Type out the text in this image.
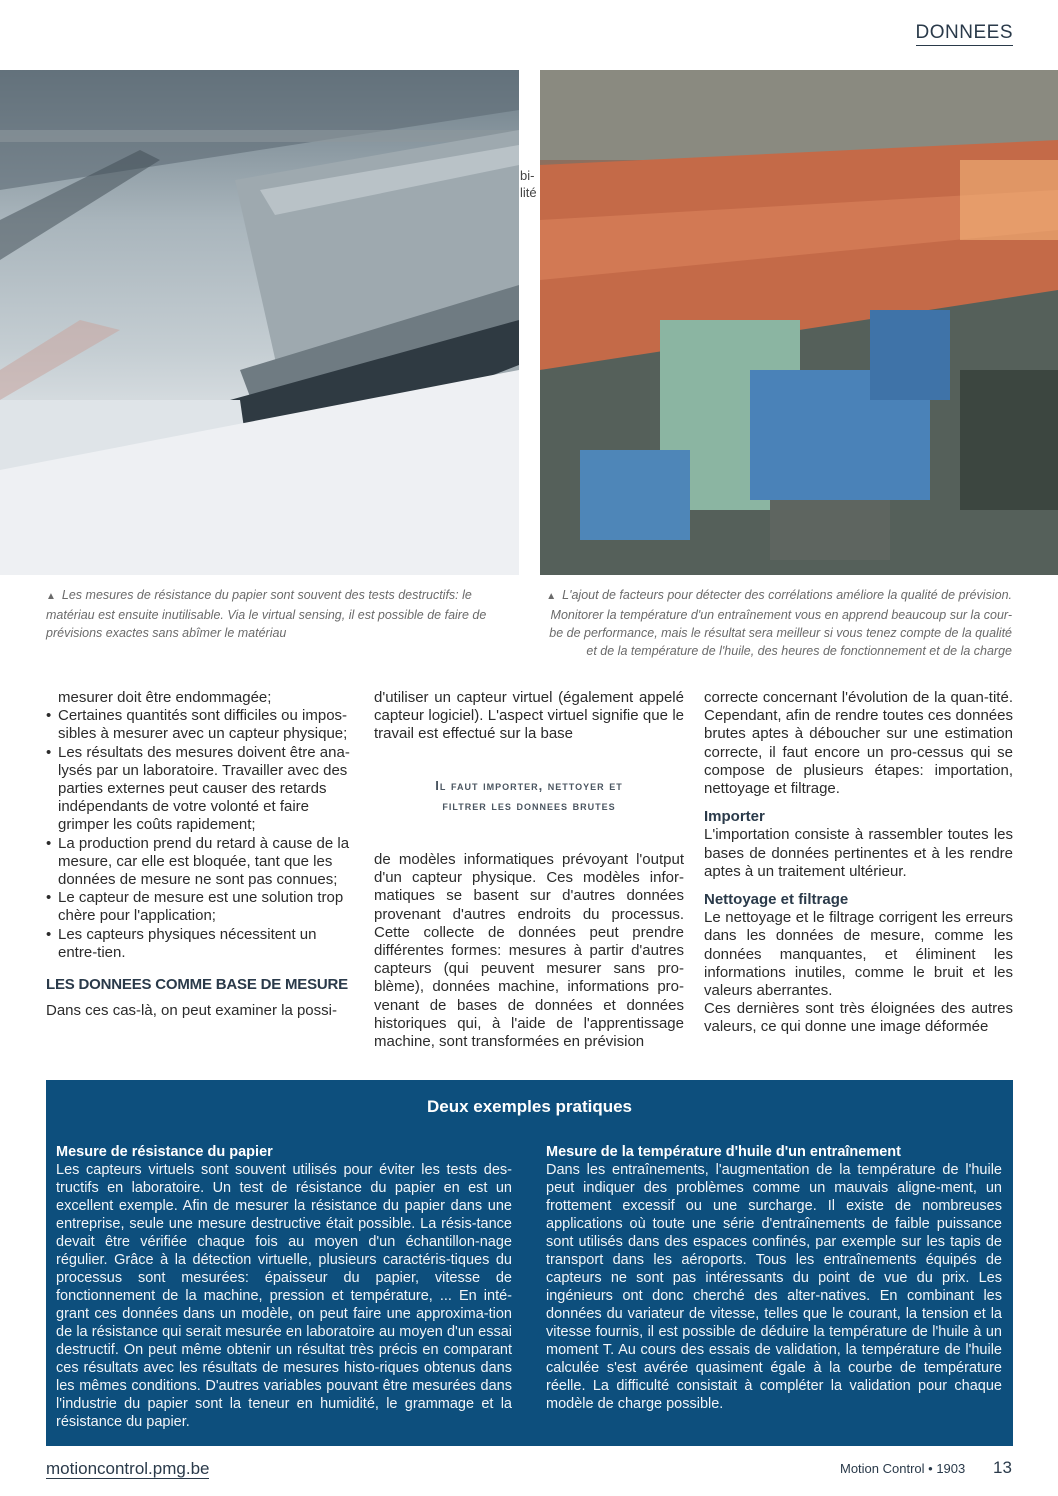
DONNEES
bi-
lité
▲ Les mesures de résistance du papier sont souvent des tests destructifs: le matériau est ensuite inutilisable. Via le virtual sensing, il est possible de faire de prévisions exactes sans abîmer le matériau
▲ L'ajout de facteurs pour détecter des corrélations améliore la qualité de prévision.
Monitorer la température d'un entraînement vous en apprend beaucoup sur la cour-
be de performance, mais le résultat sera meilleur si vous tenez compte de la qualité
et de la température de l'huile, des heures de fonctionnement et de la charge
mesurer doit être endommagée;
• Certaines quantités sont difficiles ou impos-sibles à mesurer avec un capteur physique;
• Les résultats des mesures doivent être ana-lysés par un laboratoire. Travailler avec des parties externes peut causer des retards indépendants de votre volonté et faire grimper les coûts rapidement;
• La production prend du retard à cause de la mesure, car elle est bloquée, tant que les données de mesure ne sont pas connues;
• Le capteur de mesure est une solution trop chère pour l'application;
• Les capteurs physiques nécessitent un entre-tien.
LES DONNEES COMME BASE DE MESURE
Dans ces cas-là, on peut examiner la possi-
d'utiliser un capteur virtuel (également appelé capteur logiciel). L'aspect virtuel signifie que le travail est effectué sur la base
Il faut importer, nettoyer et
filtrer les donnees brutes
de modèles informatiques prévoyant l'output d'un capteur physique. Ces modèles infor-matiques se basent sur d'autres données provenant d'autres endroits du processus. Cette collecte de données peut prendre différentes formes: mesures à partir d'autres capteurs (qui peuvent mesurer sans pro-blème), données machine, informations pro-venant de bases de données et données historiques qui, à l'aide de l'apprentissage machine, sont transformées en prévision
correcte concernant l'évolution de la quan-tité. Cependant, afin de rendre toutes ces données brutes aptes à déboucher sur une estimation correcte, il faut encore un pro-cessus qui se compose de plusieurs étapes: importation, nettoyage et filtrage.
Importer
L'importation consiste à rassembler toutes les bases de données pertinentes et à les rendre aptes à un traitement ultérieur.
Nettoyage et filtrage
Le nettoyage et le filtrage corrigent les erreurs dans les données de mesure, comme les données manquantes, et éliminent les informations inutiles, comme le bruit et les valeurs aberrantes.
Ces dernières sont très éloignées des autres valeurs, ce qui donne une image déformée
Deux exemples pratiques
Mesure de résistance du papier
Les capteurs virtuels sont souvent utilisés pour éviter les tests des-tructifs en laboratoire. Un test de résistance du papier en est un excellent exemple. Afin de mesurer la résistance du papier dans une entreprise, seule une mesure destructive était possible. La résis-tance devait être vérifiée chaque fois au moyen d'un échantillon-nage régulier. Grâce à la détection virtuelle, plusieurs caractéris-tiques du processus sont mesurées: épaisseur du papier, vitesse de fonctionnement de la machine, pression et température, ... En inté-grant ces données dans un modèle, on peut faire une approxima-tion de la résistance qui serait mesurée en laboratoire au moyen d'un essai destructif. On peut même obtenir un résultat très précis en comparant ces résultats avec les résultats de mesures histo-riques obtenus dans les mêmes conditions. D'autres variables pouvant être mesurées dans l'industrie du papier sont la teneur en humidité, le grammage et la résistance du papier.
Mesure de la température d'huile d'un entraînement
Dans les entraînements, l'augmentation de la température de l'huile peut indiquer des problèmes comme un mauvais aligne-ment, un frottement excessif ou une surcharge. Il existe de nombreuses applications où toute une série d'entraînements de faible puissance sont utilisés dans des espaces confinés, par exemple sur les tapis de transport dans les aéroports. Tous les entraînements équipés de capteurs ne sont pas intéressants du point de vue du prix. Les ingénieurs ont donc cherché des alter-natives. En combinant les données du variateur de vitesse, telles que le courant, la tension et la vitesse fournis, il est possible de déduire la température de l'huile à un moment T. Au cours des essais de validation, la température de l'huile calculée s'est avérée quasiment égale à la courbe de température réelle. La difficulté consistait à compléter la validation pour chaque modèle de charge possible.
motioncontrol.pmg.be	Motion Control • 1903 13
